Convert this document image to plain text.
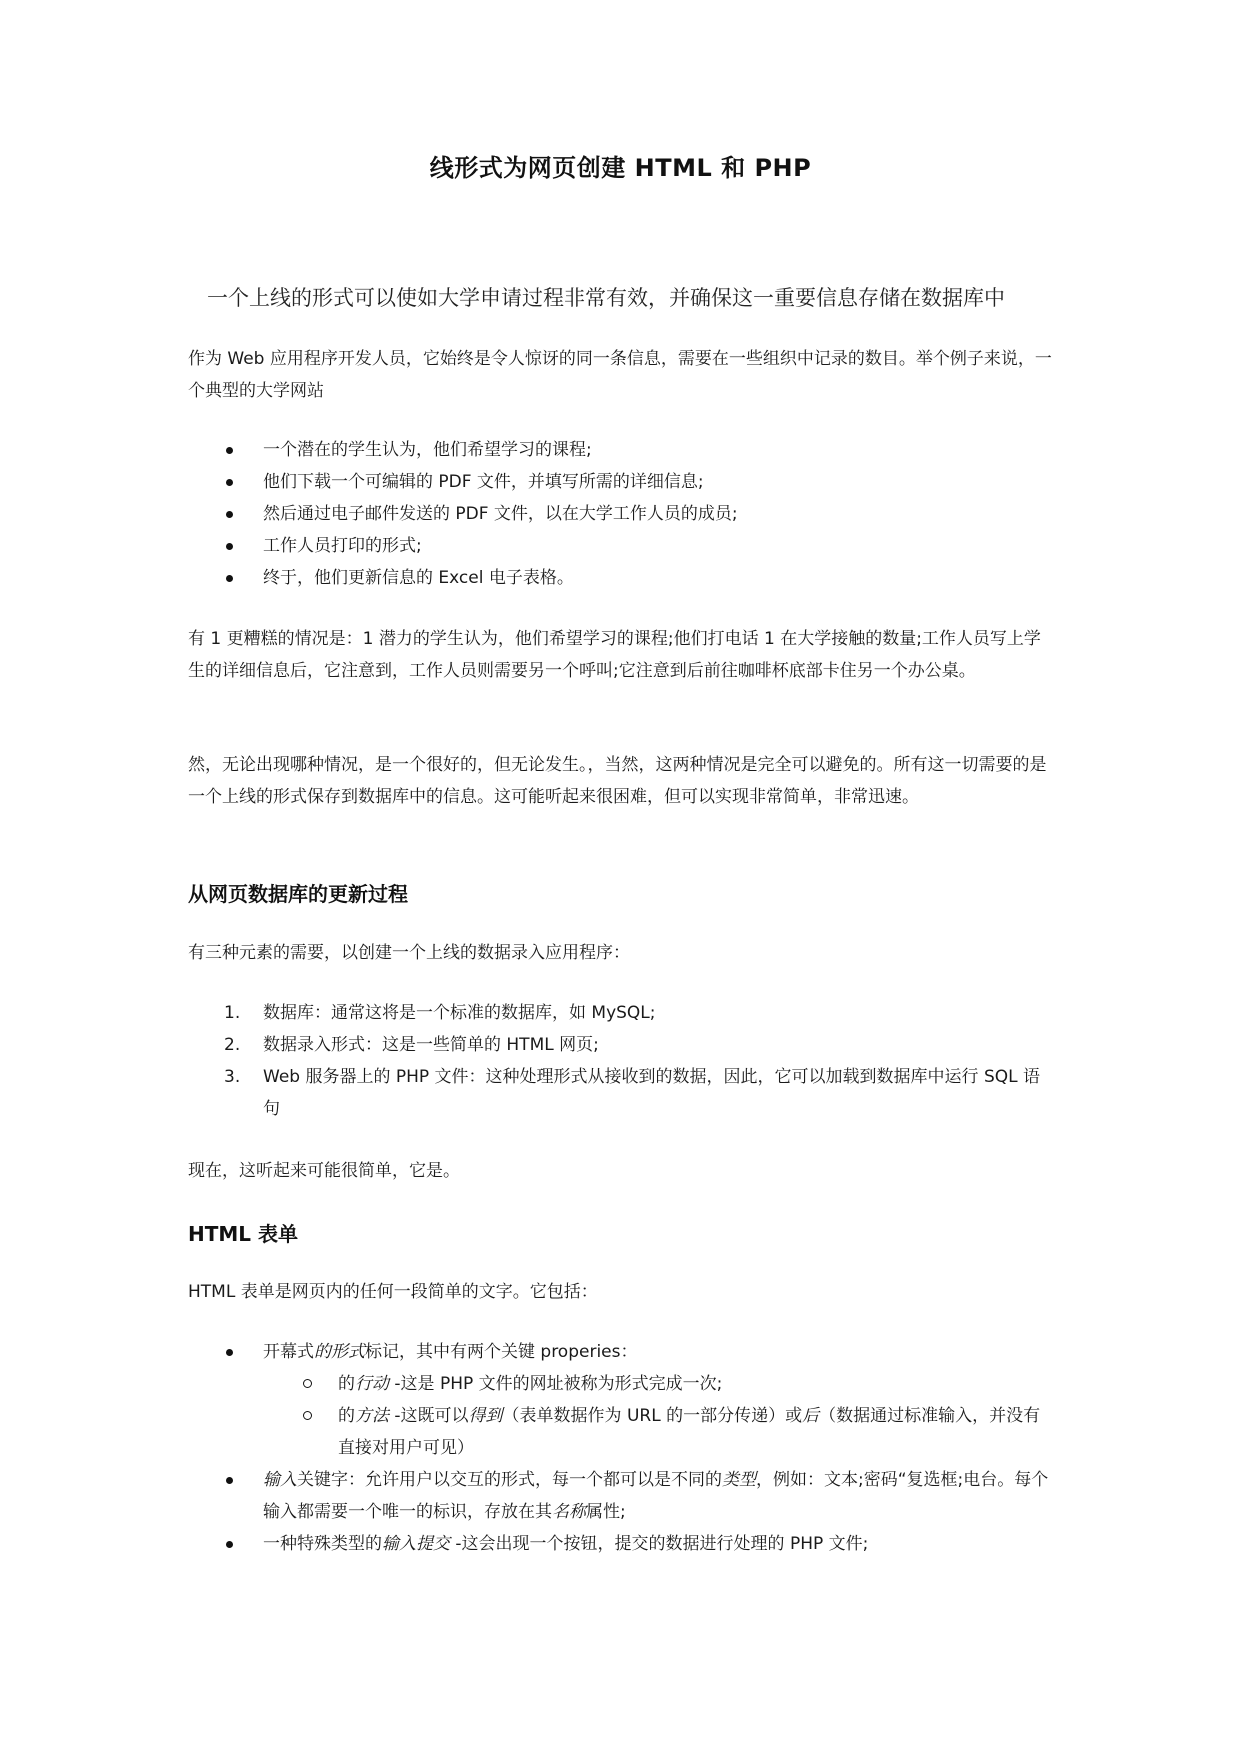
线形式为网页创建 HTML 和 PHP
一个上线的形式可以使如大学申请过程非常有效，并确保这一重要信息存储在数据库中
作为 Web 应用程序开发人员，它始终是令人惊讶的同一条信息，需要在一些组织中记录的数目。举个例子来说，一个典型的大学网站
一个潜在的学生认为，他们希望学习的课程;
他们下载一个可编辑的 PDF 文件，并填写所需的详细信息;
然后通过电子邮件发送的 PDF 文件，以在大学工作人员的成员;
工作人员打印的形式;
终于，他们更新信息的 Excel 电子表格。
有 1 更糟糕的情况是：1 潜力的学生认为，他们希望学习的课程;他们打电话 1 在大学接触的数量;工作人员写上学生的详细信息后，它注意到，工作人员则需要另一个呼叫;它注意到后前往咖啡杯底部卡住另一个办公桌。
然，无论出现哪种情况，是一个很好的，但无论发生。，当然，这两种情况是完全可以避免的。所有这一切需要的是一个上线的形式保存到数据库中的信息。这可能听起来很困难，但可以实现非常简单，非常迅速。
从网页数据库的更新过程
有三种元素的需要，以创建一个上线的数据录入应用程序：
1. 数据库：通常这将是一个标准的数据库，如 MySQL;
2. 数据录入形式：这是一些简单的 HTML 网页;
3. Web 服务器上的 PHP 文件：这种处理形式从接收到的数据，因此，它可以加载到数据库中运行 SQL 语句
现在，这听起来可能很简单，它是。
HTML 表单
HTML 表单是网页内的任何一段简单的文字。它包括：
开幕式的形式标记，其中有两个关键 properies：
的行动 -这是 PHP 文件的网址被称为形式完成一次;
的方法 -这既可以得到（表单数据作为 URL 的一部分传递）或后（数据通过标准输入，并没有直接对用户可见）
输入关键字：允许用户以交互的形式，每一个都可以是不同的类型，例如：文本;密码“复选框;电台。每个输入都需要一个唯一的标识，存放在其名称属性;
一种特殊类型的输入提交 -这会出现一个按钮，提交的数据进行处理的 PHP 文件;
